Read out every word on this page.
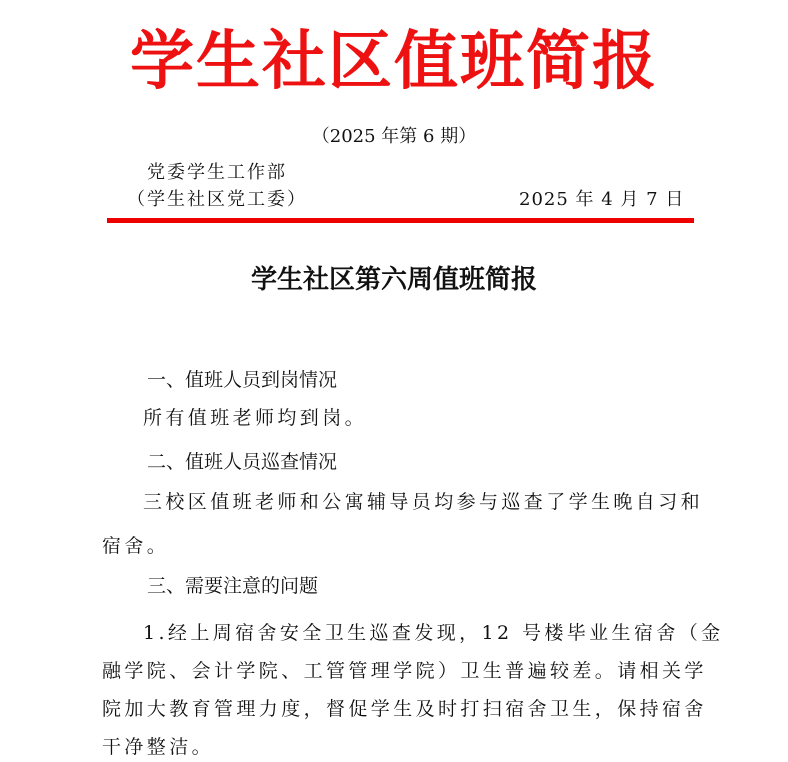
学生社区值班简报
（2025 年第 6 期）
党委学生工作部
（学生社区党工委）	2025 年 4 月 7 日
学生社区第六周值班简报
一、值班人员到岗情况
所有值班老师均到岗。
二、值班人员巡查情况
三校区值班老师和公寓辅导员均参与巡查了学生晚自习和
宿舍。
三、需要注意的问题
1.经上周宿舍安全卫生巡查发现，12 号楼毕业生宿舍（金
融学院、会计学院、工管管理学院）卫生普遍较差。请相关学
院加大教育管理力度，督促学生及时打扫宿舍卫生，保持宿舍
干净整洁。
